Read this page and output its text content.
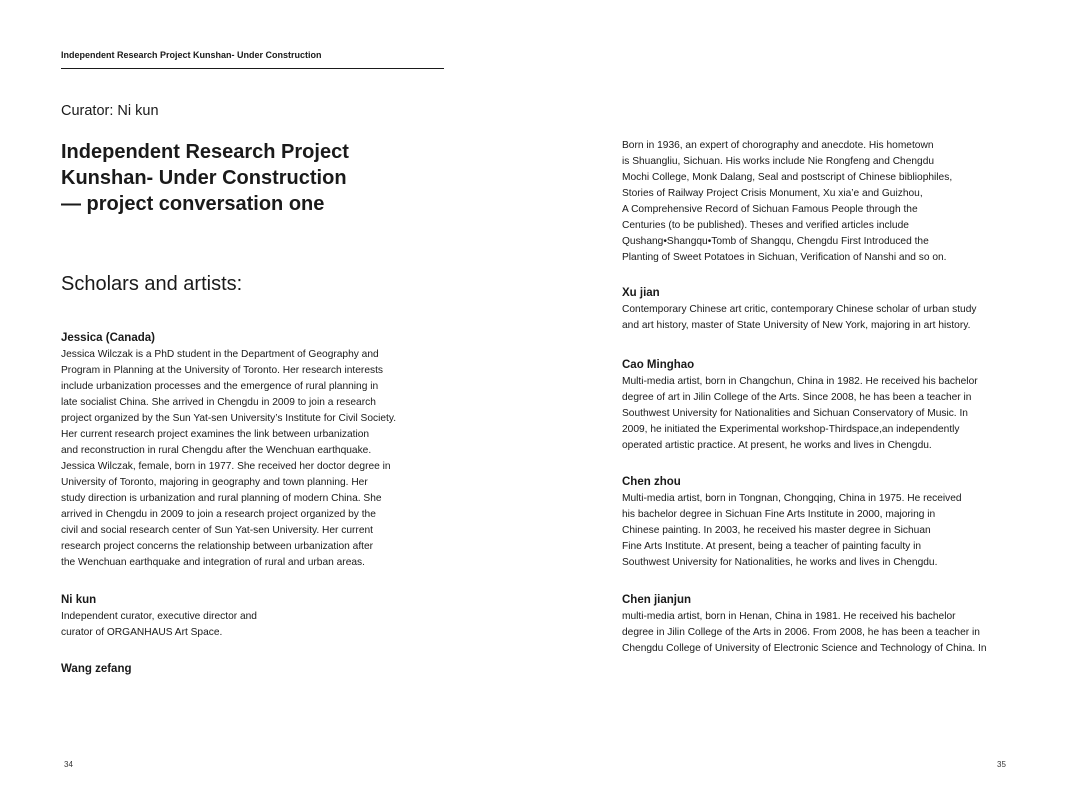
Independent Research Project Kunshan- Under Construction
Curator: Ni kun
Independent Research Project
Kunshan- Under Construction
— project conversation one
Scholars and artists:
Jessica (Canada)
Jessica Wilczak is a PhD student in the Department of Geography and
Program in Planning at the University of Toronto. Her research interests
include urbanization processes and the emergence of rural planning in
late socialist China. She arrived in Chengdu in 2009 to join a research
project organized by the Sun Yat-sen University’s Institute for Civil Society.
Her current research project examines the link between urbanization
and reconstruction in rural Chengdu after the Wenchuan earthquake.
Jessica Wilczak, female, born in 1977. She received her doctor degree in
University of Toronto, majoring in geography and town planning. Her
study direction is urbanization and rural planning of modern China. She
arrived in Chengdu in 2009 to join a research project organized by the
civil and social research center of Sun Yat-sen University. Her current
research project concerns the relationship between urbanization after
the Wenchuan earthquake and integration of rural and urban areas.
Ni kun
Independent curator, executive director and
curator of ORGANHAUS Art Space.
Wang zefang
34
Born in 1936, an expert of chorography and anecdote. His hometown
is Shuangliu, Sichuan. His works include Nie Rongfeng and Chengdu
Mochi College, Monk Dalang, Seal and postscript of Chinese bibliophiles,
Stories of Railway Project Crisis Monument, Xu xia’e and Guizhou,
A Comprehensive Record of Sichuan Famous People through the
Centuries (to be published). Theses and verified articles include
Qushang•Shangqu•Tomb of Shangqu, Chengdu First Introduced the
Planting of Sweet Potatoes in Sichuan, Verification of Nanshi and so on.
Xu jian
Contemporary Chinese art critic, contemporary Chinese scholar of urban study
and art history, master of State University of New York, majoring in art history.
Cao Minghao
Multi-media artist, born in Changchun, China in 1982. He received his bachelor
degree of art in Jilin College of the Arts. Since 2008, he has been a teacher in
Southwest University for Nationalities and Sichuan Conservatory of Music. In
2009, he initiated the Experimental workshop-Thirdspace,an independently
operated artistic practice. At present, he works and lives in Chengdu.
Chen zhou
Multi-media artist, born in Tongnan, Chongqing, China in 1975. He received
his bachelor degree in Sichuan Fine Arts Institute in 2000, majoring in
Chinese painting. In 2003, he received his master degree in Sichuan
Fine Arts Institute. At present, being a teacher of painting faculty in
Southwest University for Nationalities, he works and lives in Chengdu.
Chen jianjun
multi-media artist, born in Henan, China in 1981. He received his bachelor
degree in Jilin College of the Arts in 2006. From 2008, he has been a teacher in
Chengdu College of University of Electronic Science and Technology of China. In
35
